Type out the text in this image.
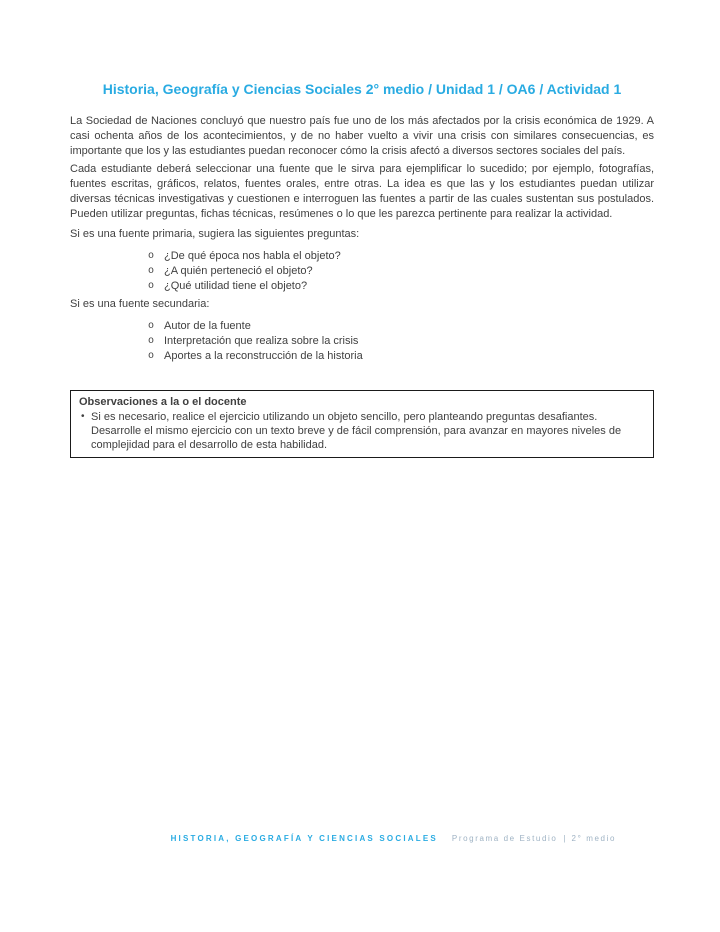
Historia, Geografía y Ciencias Sociales 2° medio / Unidad 1 / OA6 / Actividad 1

La Sociedad de Naciones concluyó que nuestro país fue uno de los más afectados por la crisis económica de 1929. A casi ochenta años de los acontecimientos, y de no haber vuelto a vivir una crisis con similares consecuencias, es importante que los y las estudiantes puedan reconocer cómo la crisis afectó a diversos sectores sociales del país.

Cada estudiante deberá seleccionar una fuente que le sirva para ejemplificar lo sucedido; por ejemplo, fotografías, fuentes escritas, gráficos, relatos, fuentes orales, entre otras. La idea es que las y los estudiantes puedan utilizar diversas técnicas investigativas y cuestionen e interroguen las fuentes a partir de las cuales sustentan sus postulados. Pueden utilizar preguntas, fichas técnicas, resúmenes o lo que les parezca pertinente para realizar la actividad.

Si es una fuente primaria, sugiera las siguientes preguntas:

o ¿De qué época nos habla el objeto?
o ¿A quién perteneció el objeto?
o ¿Qué utilidad tiene el objeto?

Si es una fuente secundaria:

o Autor de la fuente
o Interpretación que realiza sobre la crisis
o Aportes a la reconstrucción de la historia
Observaciones a la o el docente
• Si es necesario, realice el ejercicio utilizando un objeto sencillo, pero planteando preguntas desafiantes. Desarrolle el mismo ejercicio con un texto breve y de fácil comprensión, para avanzar en mayores niveles de complejidad para el desarrollo de esta habilidad.
HISTORIA, GEOGRAFÍA Y CIENCIAS SOCIALES Programa de Estudio | 2° medio
